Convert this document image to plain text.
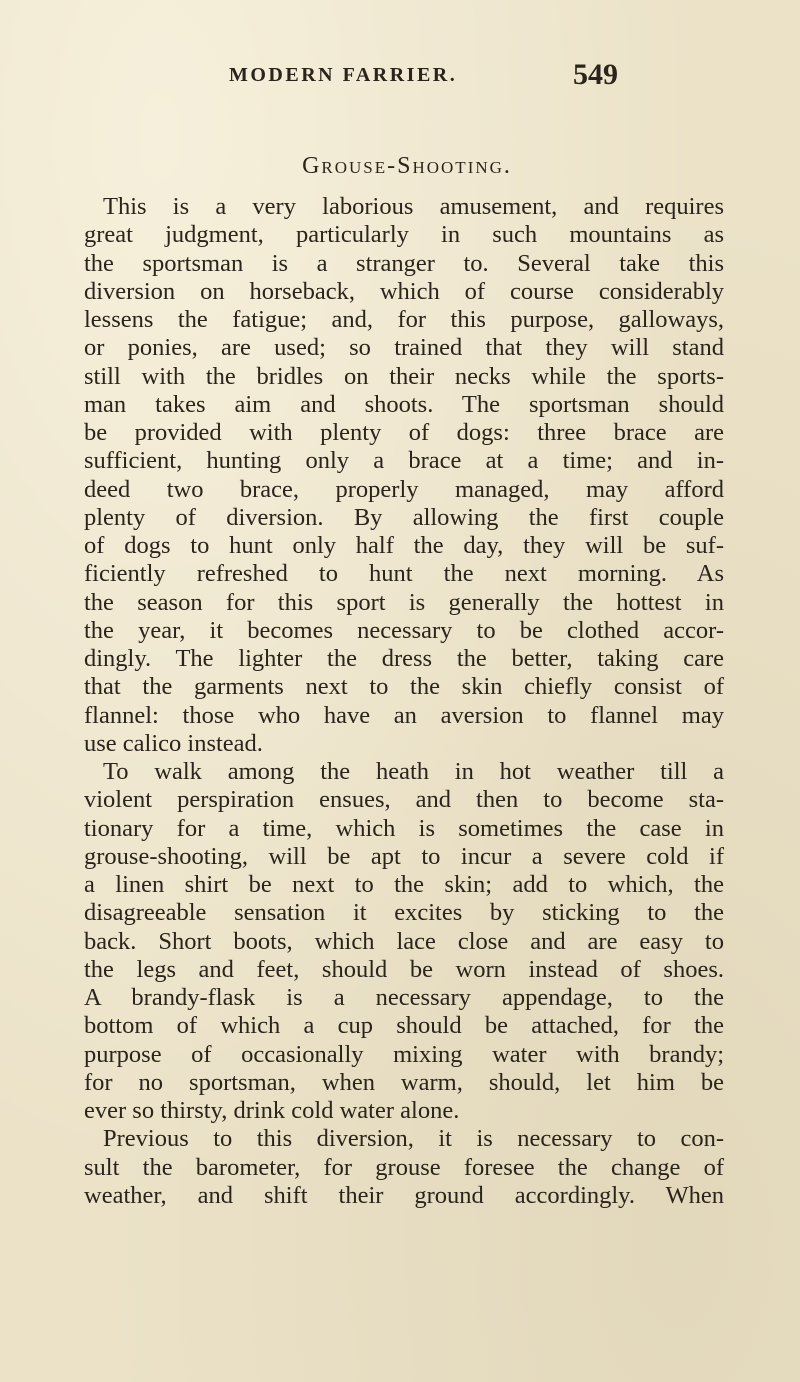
MODERN FARRIER.	549
Grouse-Shooting.
This is a very laborious amusement, and requires
great judgment, particularly in such mountains as
the sportsman is a stranger to. Several take this
diversion on horseback, which of course considerably
lessens the fatigue; and, for this purpose, galloways,
or ponies, are used; so trained that they will stand
still with the bridles on their necks while the sports-
man takes aim and shoots. The sportsman should
be provided with plenty of dogs: three brace are
sufficient, hunting only a brace at a time; and in-
deed two brace, properly managed, may afford
plenty of diversion. By allowing the first couple
of dogs to hunt only half the day, they will be suf-
ficiently refreshed to hunt the next morning. As
the season for this sport is generally the hottest in
the year, it becomes necessary to be clothed accor-
dingly. The lighter the dress the better, taking care
that the garments next to the skin chiefly consist of
flannel: those who have an aversion to flannel may
use calico instead.
To walk among the heath in hot weather till a
violent perspiration ensues, and then to become sta-
tionary for a time, which is sometimes the case in
grouse-shooting, will be apt to incur a severe cold if
a linen shirt be next to the skin; add to which, the
disagreeable sensation it excites by sticking to the
back. Short boots, which lace close and are easy to
the legs and feet, should be worn instead of shoes.
A brandy-flask is a necessary appendage, to the
bottom of which a cup should be attached, for the
purpose of occasionally mixing water with brandy;
for no sportsman, when warm, should, let him be
ever so thirsty, drink cold water alone.
Previous to this diversion, it is necessary to con-
sult the barometer, for grouse foresee the change of
weather, and shift their ground accordingly. When
